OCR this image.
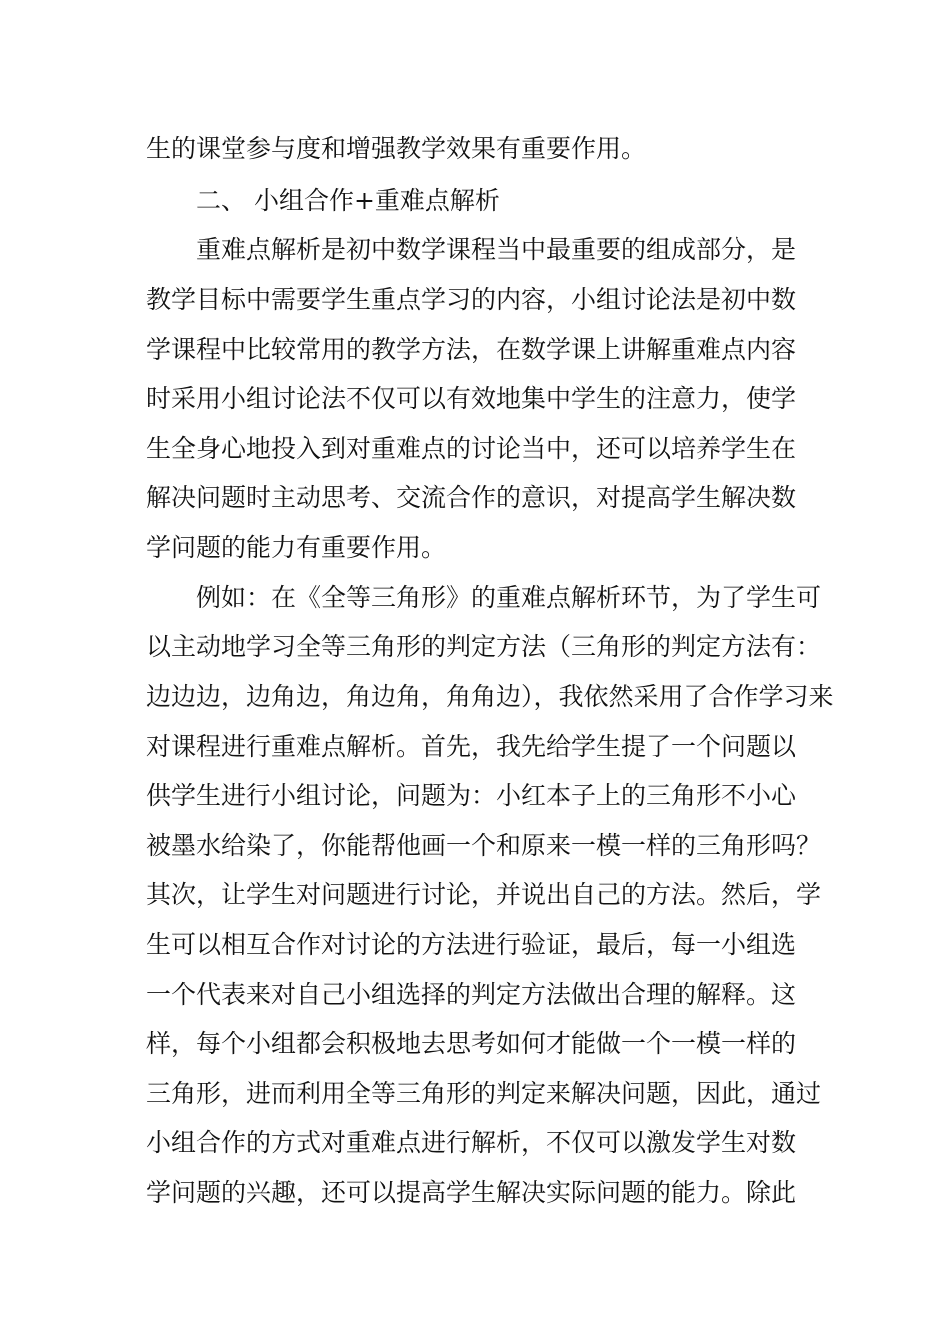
生的课堂参与度和增强教学效果有重要作用。
二、 小组合作+重难点解析
重难点解析是初中数学课程当中最重要的组成部分，是
教学目标中需要学生重点学习的内容，小组讨论法是初中数
学课程中比较常用的教学方法，在数学课上讲解重难点内容
时采用小组讨论法不仅可以有效地集中学生的注意力，使学
生全身心地投入到对重难点的讨论当中，还可以培养学生在
解决问题时主动思考、交流合作的意识，对提高学生解决数
学问题的能力有重要作用。
例如：在《全等三角形》的重难点解析环节，为了学生可
以主动地学习全等三角形的判定方法（三角形的判定方法有：
边边边，边角边，角边角，角角边），我依然采用了合作学习来
对课程进行重难点解析。首先，我先给学生提了一个问题以
供学生进行小组讨论，问题为：小红本子上的三角形不小心
被墨水给染了，你能帮他画一个和原来一模一样的三角形吗？
其次，让学生对问题进行讨论，并说出自己的方法。然后，学
生可以相互合作对讨论的方法进行验证，最后，每一小组选
一个代表来对自己小组选择的判定方法做出合理的解释。这
样，每个小组都会积极地去思考如何才能做一个一模一样的
三角形，进而利用全等三角形的判定来解决问题，因此，通过
小组合作的方式对重难点进行解析，不仅可以激发学生对数
学问题的兴趣，还可以提高学生解决实际问题的能力。除此
